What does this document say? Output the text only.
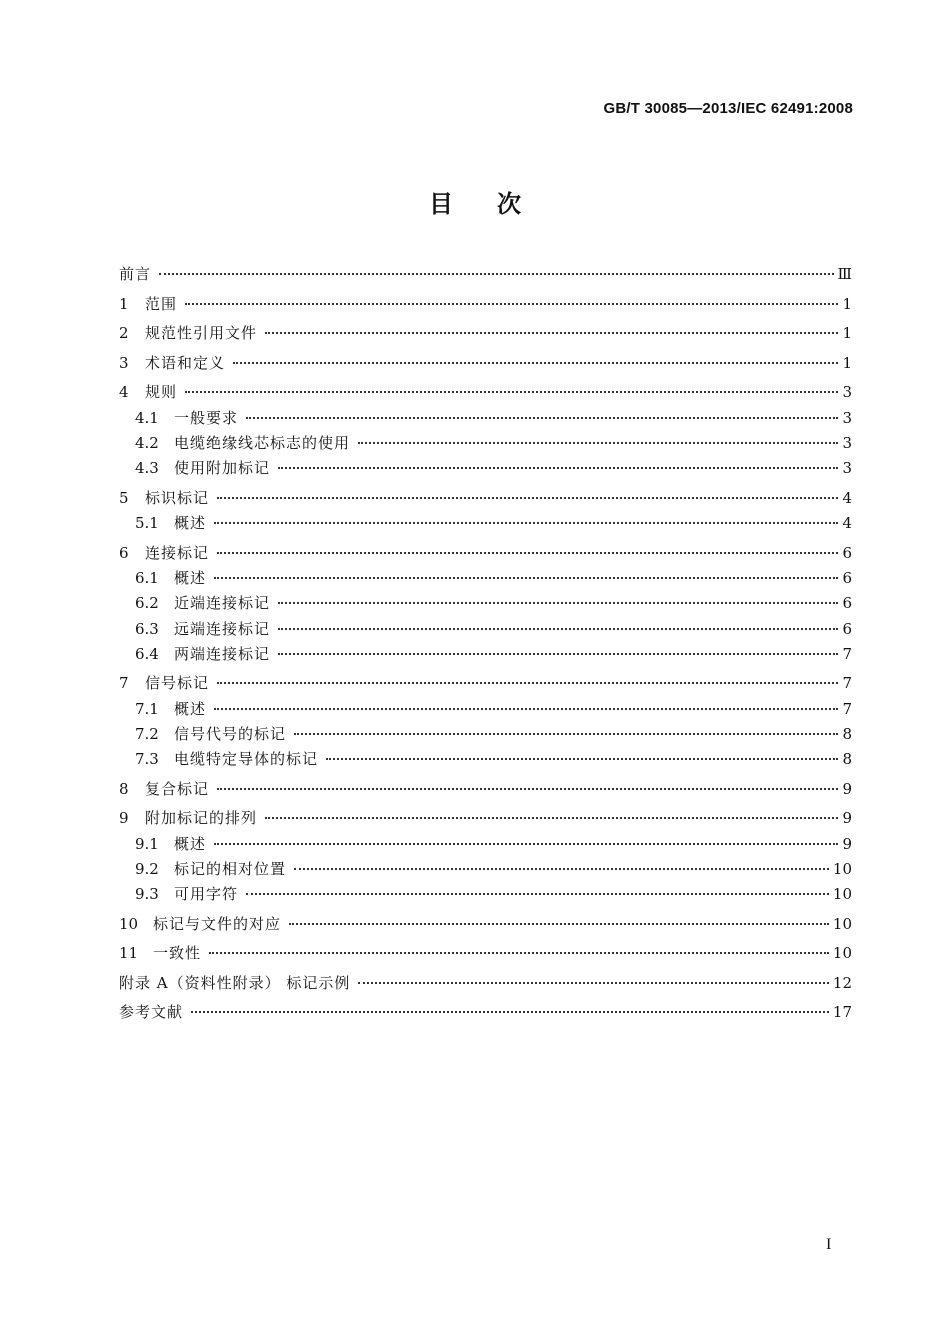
GB/T 30085—2013/IEC 62491:2008
目次
前言	Ⅲ
1	范围	1
2	规范性引用文件	1
3	术语和定义	1
4	规则	3
4.1	一般要求	3
4.2	电缆绝缘线芯标志的使用	3
4.3	使用附加标记	3
5	标识标记	4
5.1	概述	4
6	连接标记	6
6.1	概述	6
6.2	近端连接标记	6
6.3	远端连接标记	6
6.4	两端连接标记	7
7	信号标记	7
7.1	概述	7
7.2	信号代号的标记	8
7.3	电缆特定导体的标记	8
8	复合标记	9
9	附加标记的排列	9
9.1	概述	9
9.2	标记的相对位置	10
9.3	可用字符	10
10 标记与文件的对应	10
11 一致性	10
附录 A（资料性附录） 标记示例	12
参考文献	17
I
